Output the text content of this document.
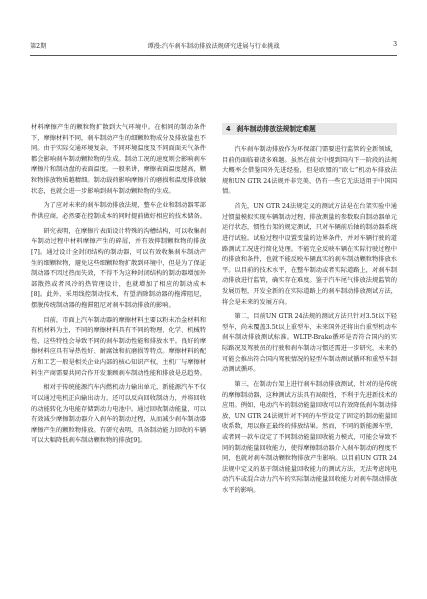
第2期	谭漫:汽车刹车制动排放法规研究进展与行业挑战	3

材料摩擦产生的颗粒物扩散到大气环境中。在相同的制动条件下，摩擦材料不同，刹车制动产生的细颗粒物成分及排放量也不同。由于实际交通环境复杂，不同环境温度及不同面面天气条件都会影响刹车制动颗粒物的生成。制动工况的速度则会影响刹车摩擦片和制动盘的表面温度。一般来讲，摩擦表面温度越高，颗粒物排放物质越精细。制动载荷影响摩擦片的磨损和温度排放触状态，也就会进一步影响到刹车制动颗粒物的生成。

为了应对未来的刹车制动排放法规，整车企业和制动器零部件供应商，必然要在控制成本的同时提前做好相应的技术储备。

研究表明，在摩擦片表面设计特殊的沟槽结构，可以收集刹车制动过程中材料摩擦产生的碎屑，并有效抑制颗粒物的排放[7]。通过设计全封闭结构的制动器，可以有效收集刹车制动产生的细颗粒物，避免这些细颗粒物扩散到环境中，但是为了保证制动器不因过热而失效，不得不为这种封闭结构的制动器增加外部散热或者风冷的热管理设计，也就增加了相应的制动成本[8]。此外，采用线控制动技术，有望消除制动器的拖滞阻尼，摆脱传统制动器的拖滞阻尼对刹车制动排放的影响。

目前，市面上汽车制动器的摩擦材料主要以粉末冶金材料和有机材料为主，不同的摩擦材料具有不同的物理、化学、机械特性，这些特性会导致不同的刹车制动性能和排放水平。良好的摩擦材料应具有导热性好、耐腐蚀和抗磨损等特点。摩擦材料的配方和工艺一般是相关企业内部的核心知识产权，主机厂与摩擦材料生产商需要共同合作开发兼顾刹车制动性能和排放是总趋势。

相对于传统能源汽车内燃机动力输出单元，新能源汽车不仅可以通过电机正向输出动力，还可以反向回收制动力，并将回收的动能转化为电能存储到动力电池中。通过回收制动能量，可以有效减少摩擦制动器介入刹车的制动过程，从而减少刹车制动器摩擦产生的颗粒物排放。有研究表明，具备制动能力回收的车辆可以大幅降低刹车制动颗粒物的排放[9]。

4 刹车制动排放法规制定难题

汽车刹车制动排放作为环保部门需要进行监管的全新领域，目前仍面临着诸多难题。虽然在前文中提到国内下一阶段的法规大概率会借鉴国外先进经验，但是欧盟的“欧七”机动车排放法规和UN GTR 24法规并非完美，仍有一些它无法适用于中国国情。

首先，UN GTR 24法规定义的测试方法是在台架实验中通过惯量模拟实现车辆制动过程，排放测量的参数取自制动器单元运行状态，惯性台架的规定测试，只对车辆前后轴的制动器系统进行试验。试验过程中设置变量的边界条件，并对车辆行驶的道路测试工况进行简化处理。不能完全反映车辆在实际行驶过程中的排放和条件，也就不能反映车辆真实的刹车制动颗粒物排放水平。以目前的技术水平，在整车制动或者实际道路上，对刹车制动排放进行监管，确实存在难度。鉴于汽车尾气排放法规监管的发展历程，开发全新的在实际道路上的刹车制动排放测试方法，将会是未来的发展方向。

第二，目前UN GTR 24法规的测试方法只针对3.5t以下轻型车，尚未覆盖3.5t以上重型车，未来国外还将出台重型机动车刹车制动排放测试标准。WLTP-Brake循环是否符合国内的实际路况及驾驶员的行驶和刹车制动习惯还需进一步研究，未来仍可能会推出符合国内驾驶情况的轻型车制动测试循环和重型车制动测试循环。

第三，在制动台架上进行刹车制动排放测试，针对的是传统的摩擦制动器，这种测试方法具有局限性，不利于先进新技术的应用。例如，电动汽车的制动能量回收可以有效降低刹车制动排放，UN GTR 24法规针对不同的车型设定了固定的制动能量回收系数，用以修正最终的排放结果。然而，不同的新能源车型，或者同一款车设定了不同制动能量回收能力模式，可能会导致不同的制动能量回收能力，使得摩擦制动器介入刹车制动的程度不同，也就对刹车制动颗粒物排放产生影响。以目前UN GTR 24法规中定义的基于制动能量回收能力的测试方法，无法考虑纯电动汽车或混合动力汽车的实际制动能量回收能力对刹车制动排放水平的影响。
